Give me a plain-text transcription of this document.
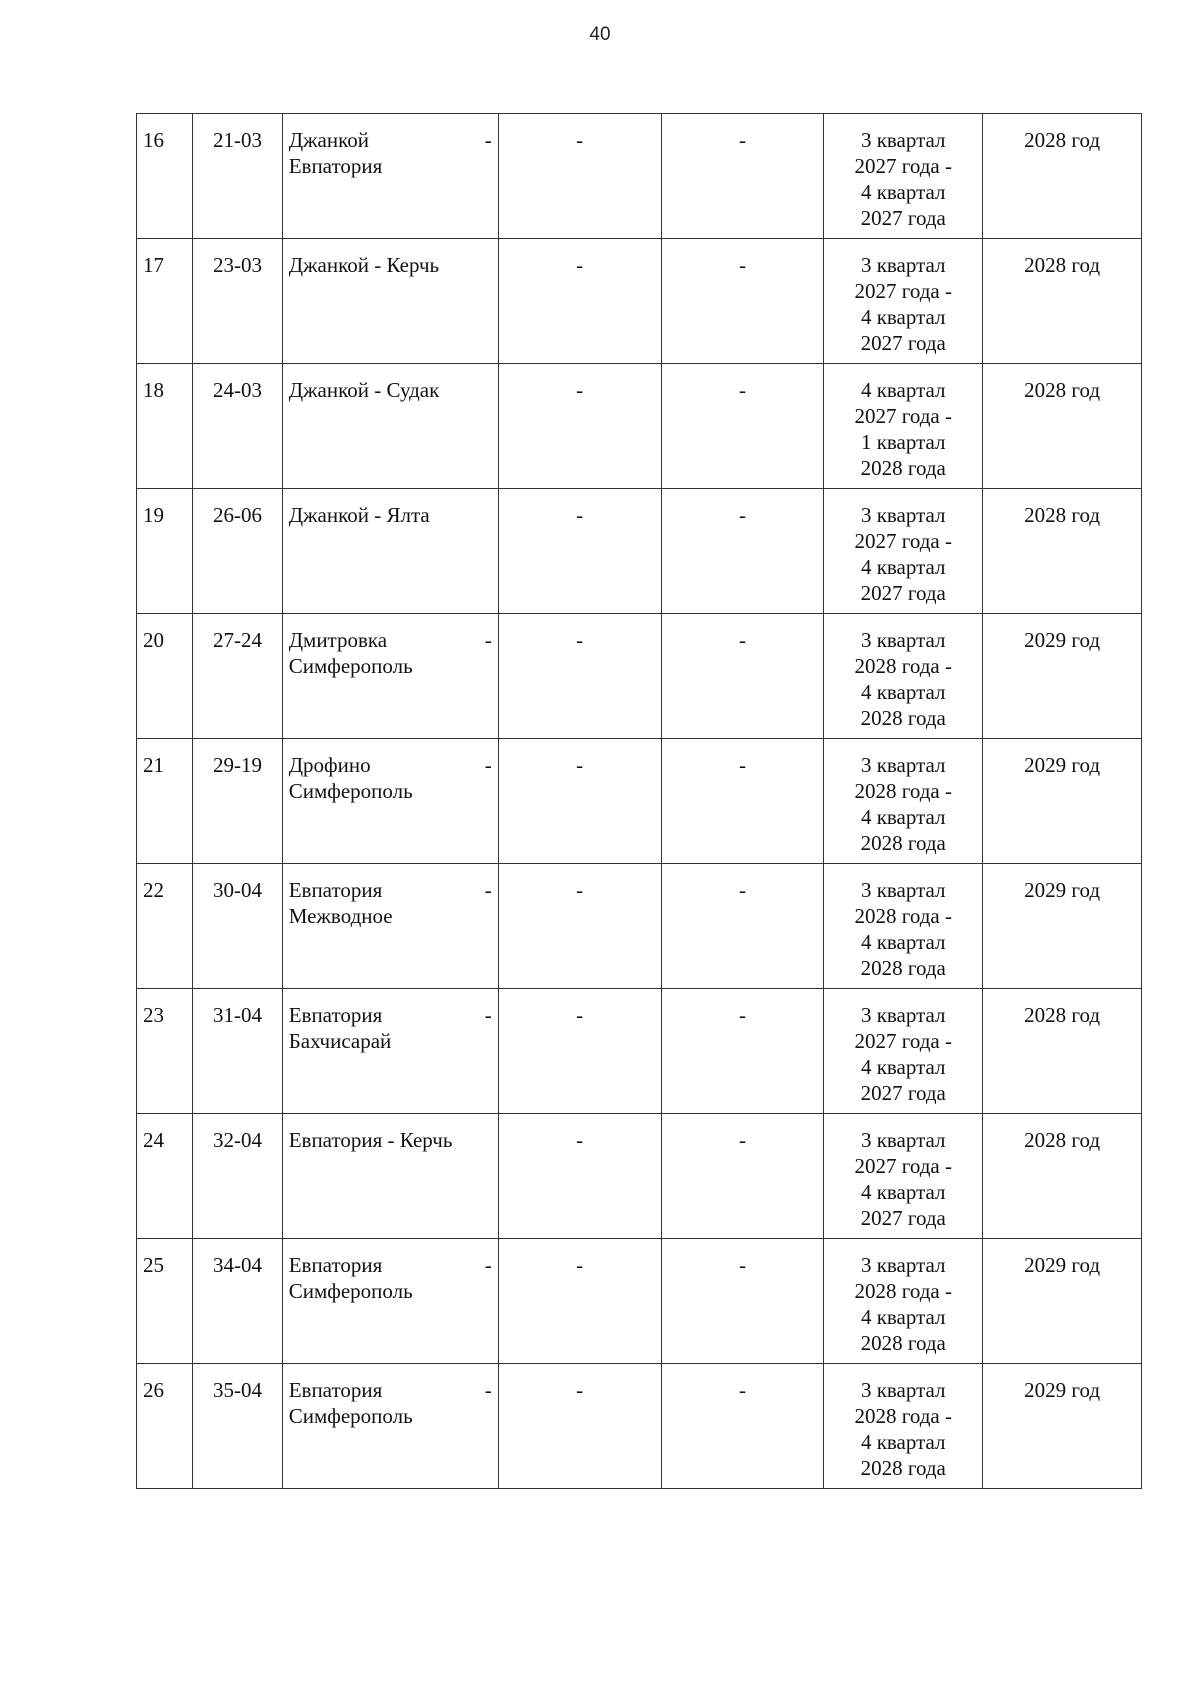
40
16	21-03	Джанкой
Евпатория
-	-	-	3 квартал
2027 года -
4 квартал
2027 года	2028 год
17	23-03	Джанкой - Керчь	-	-	3 квартал
2027 года -
4 квартал
2027 года	2028 год
18	24-03	Джанкой - Судак	-	-	4 квартал
2027 года -
1 квартал
2028 года	2028 год
19	26-06	Джанкой - Ялта	-	-	3 квартал
2027 года -
4 квартал
2027 года	2028 год
20	27-24	Дмитровка
Симферополь
-	-	-	3 квартал
2028 года -
4 квартал
2028 года	2029 год
21	29-19	Дрофино
Симферополь
-	-	-	3 квартал
2028 года -
4 квартал
2028 года	2029 год
22	30-04	Евпатория
Межводное
-	-	-	3 квартал
2028 года -
4 квартал
2028 года	2029 год
23	31-04	Евпатория
Бахчисарай
-	-	-	3 квартал
2027 года -
4 квартал
2027 года	2028 год
24	32-04	Евпатория - Керчь	-	-	3 квартал
2027 года -
4 квартал
2027 года	2028 год
25	34-04	Евпатория
Симферополь
-	-	-	3 квартал
2028 года -
4 квартал
2028 года	2029 год
26	35-04	Евпатория
Симферополь
-	-	-	3 квартал
2028 года -
4 квартал
2028 года	2029 год
